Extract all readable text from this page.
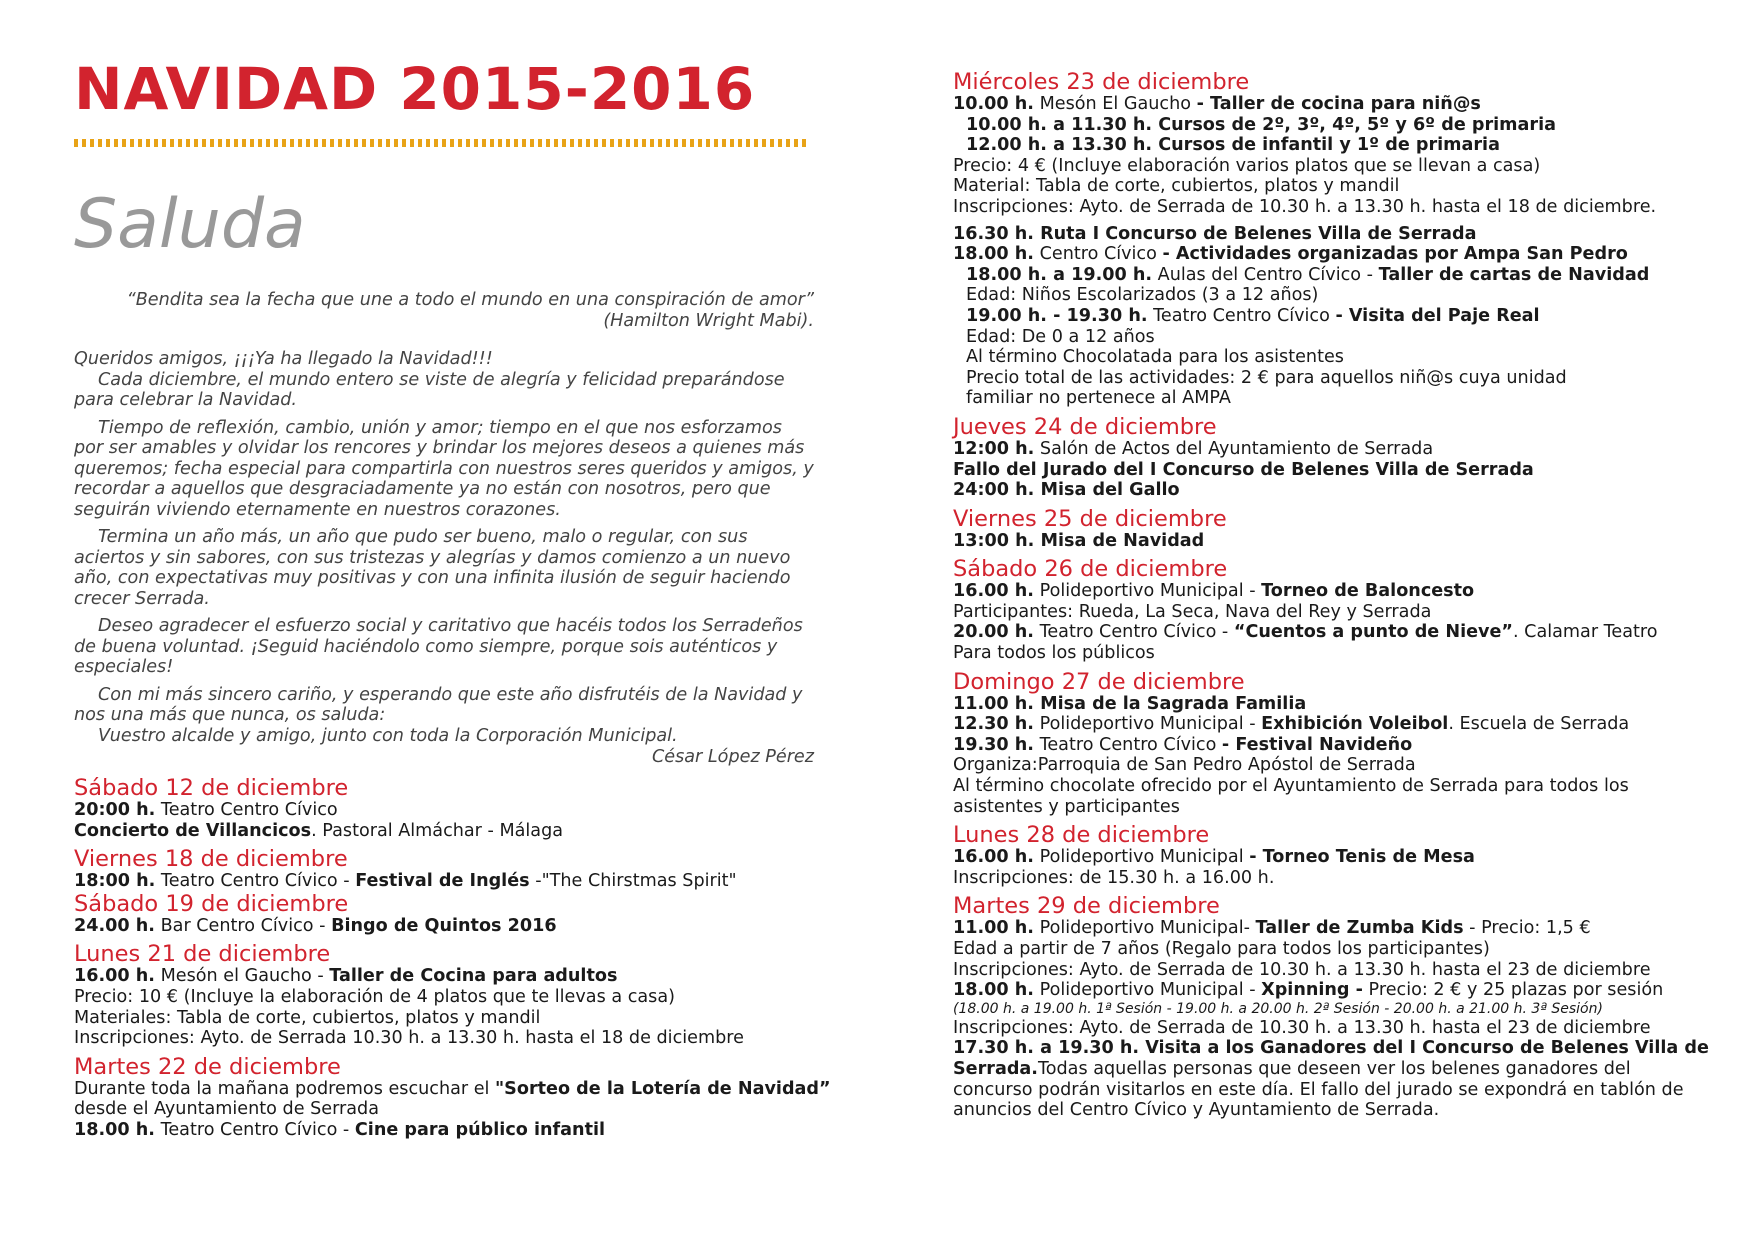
NAVIDAD 2015-2016
Saluda
“Bendita sea la fecha que une a todo el mundo en una conspiración de amor”
(Hamilton Wright Mabi).

Queridos amigos, ¡¡¡Ya ha llegado la Navidad!!!

Cada diciembre, el mundo entero se viste de alegría y felicidad preparándose para celebrar la Navidad.

Tiempo de reflexión, cambio, unión y amor; tiempo en el que nos esforzamos por ser amables y olvidar los rencores y brindar los mejores deseos a quienes más queremos; fecha especial para compartirla con nuestros seres queridos y amigos, y recordar a aquellos que desgraciadamente ya no están con nosotros, pero que seguirán viviendo eternamente en nuestros corazones.

Termina un año más, un año que pudo ser bueno, malo o regular, con sus aciertos y sin sabores, con sus tristezas y alegrías y damos comienzo a un nuevo año, con expectativas muy positivas y con una infinita ilusión de seguir haciendo crecer Serrada.

Deseo agradecer el esfuerzo social y caritativo que hacéis todos los Serradeños de buena voluntad. ¡Seguid haciéndolo como siempre, porque sois auténticos y especiales!

Con mi más sincero cariño, y esperando que este año disfrutéis de la Navidad y nos una más que nunca, os saluda:

Vuestro alcalde y amigo, junto con toda la Corporación Municipal.

César López Pérez

Sábado 12 de diciembre
20:00 h. Teatro Centro Cívico
Concierto de Villancicos. Pastoral Almáchar - Málaga
Viernes 18 de diciembre
18:00 h. Teatro Centro Cívico - Festival de Inglés -"The Chirstmas Spirit"
Sábado 19 de diciembre
24.00 h. Bar Centro Cívico - Bingo de Quintos 2016
Lunes 21 de diciembre
16.00 h. Mesón el Gaucho - Taller de Cocina para adultos
Precio: 10 € (Incluye la elaboración de 4 platos que te llevas a casa)
Materiales: Tabla de corte, cubiertos, platos y mandil
Inscripciones: Ayto. de Serrada 10.30 h. a 13.30 h. hasta el 18 de diciembre
Martes 22 de diciembre
Durante toda la mañana podremos escuchar el "Sorteo de la Lotería de Navidad”
desde el Ayuntamiento de Serrada
18.00 h. Teatro Centro Cívico - Cine para público infantil
Miércoles 23 de diciembre
10.00 h. Mesón El Gaucho - Taller de cocina para niñ@s
10.00 h. a 11.30 h. Cursos de 2º, 3º, 4º, 5º y 6º de primaria
12.00 h. a 13.30 h. Cursos de infantil y 1º de primaria
Precio: 4 € (Incluye elaboración varios platos que se llevan a casa)
Material: Tabla de corte, cubiertos, platos y mandil
Inscripciones: Ayto. de Serrada de 10.30 h. a 13.30 h. hasta el 18 de diciembre.
16.30 h. Ruta I Concurso de Belenes Villa de Serrada
18.00 h. Centro Cívico - Actividades organizadas por Ampa San Pedro
18.00 h. a 19.00 h. Aulas del Centro Cívico - Taller de cartas de Navidad
Edad: Niños Escolarizados (3 a 12 años)
19.00 h. - 19.30 h. Teatro Centro Cívico - Visita del Paje Real
Edad: De 0 a 12 años
Al término Chocolatada para los asistentes
Precio total de las actividades: 2 € para aquellos niñ@s cuya unidad familiar no pertenece al AMPA
Jueves 24 de diciembre
12:00 h. Salón de Actos del Ayuntamiento de Serrada
Fallo del Jurado del I Concurso de Belenes Villa de Serrada
24:00 h. Misa del Gallo
Viernes 25 de diciembre
13:00 h. Misa de Navidad
Sábado 26 de diciembre
16.00 h. Polideportivo Municipal - Torneo de Baloncesto
Participantes: Rueda, La Seca, Nava del Rey y Serrada
20.00 h. Teatro Centro Cívico - “Cuentos a punto de Nieve”. Calamar Teatro
Para todos los públicos
Domingo 27 de diciembre
11.00 h. Misa de la Sagrada Familia
12.30 h. Polideportivo Municipal - Exhibición Voleibol. Escuela de Serrada
19.30 h. Teatro Centro Cívico - Festival Navideño
Organiza:Parroquia de San Pedro Apóstol de Serrada
Al término chocolate ofrecido por el Ayuntamiento de Serrada para todos los asistentes y participantes
Lunes 28 de diciembre
16.00 h. Polideportivo Municipal - Torneo Tenis de Mesa
Inscripciones: de 15.30 h. a 16.00 h.
Martes 29 de diciembre
11.00 h. Polideportivo Municipal- Taller de Zumba Kids - Precio: 1,5 €
Edad a partir de 7 años (Regalo para todos los participantes)
Inscripciones: Ayto. de Serrada de 10.30 h. a 13.30 h. hasta el 23 de diciembre
18.00 h. Polideportivo Municipal - Xpinning - Precio: 2 € y 25 plazas por sesión
(18.00 h. a 19.00 h. 1ª Sesión - 19.00 h. a 20.00 h. 2ª Sesión - 20.00 h. a 21.00 h. 3ª Sesión)
Inscripciones: Ayto. de Serrada de 10.30 h. a 13.30 h. hasta el 23 de diciembre
17.30 h. a 19.30 h. Visita a los Ganadores del I Concurso de Belenes Villa de Serrada.Todas aquellas personas que deseen ver los belenes ganadores del concurso podrán visitarlos en este día. El fallo del jurado se expondrá en tablón de anuncios del Centro Cívico y Ayuntamiento de Serrada.
